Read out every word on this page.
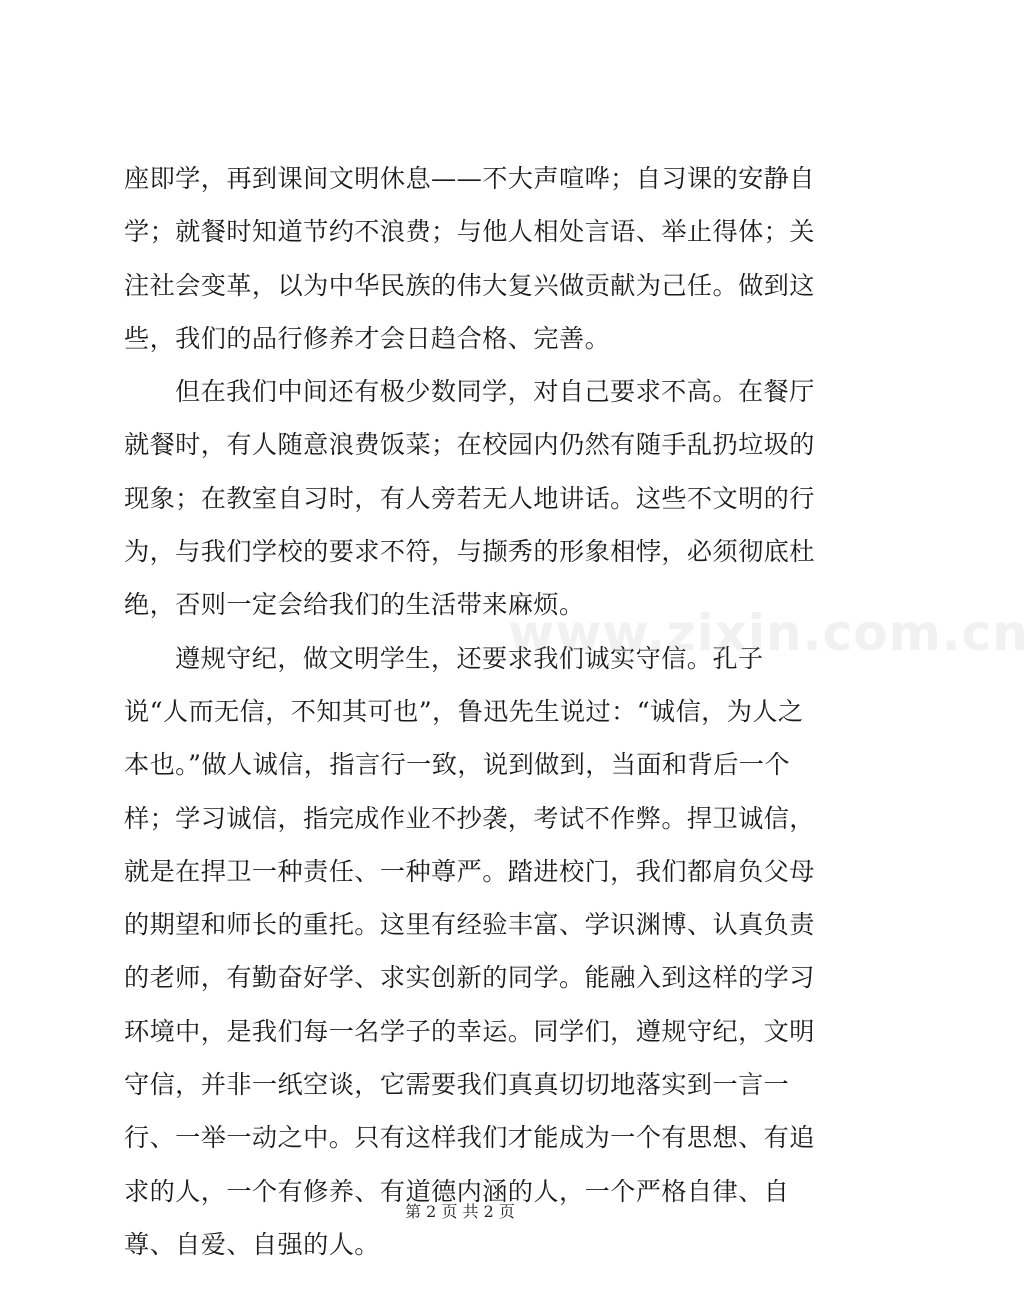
座即学，再到课间文明休息——不大声喧哗；自习课的安静自学；就餐时知道节约不浪费；与他人相处言语、举止得体；关注社会变革，以为中华民族的伟大复兴做贡献为己任。做到这些，我们的品行修养才会日趋合格、完善。

但在我们中间还有极少数同学，对自己要求不高。在餐厅就餐时，有人随意浪费饭菜；在校园内仍然有随手乱扔垃圾的现象；在教室自习时，有人旁若无人地讲话。这些不文明的行为，与我们学校的要求不符，与撷秀的形象相悖，必须彻底杜绝，否则一定会给我们的生活带来麻烦。

遵规守纪，做文明学生，还要求我们诚实守信。孔子说“人而无信，不知其可也”，鲁迅先生说过：“诚信，为人之本也。”做人诚信，指言行一致，说到做到，当面和背后一个样；学习诚信，指完成作业不抄袭，考试不作弊。捍卫诚信，就是在捍卫一种责任、一种尊严。踏进校门，我们都肩负父母的期望和师长的重托。这里有经验丰富、学识渊博、认真负责的老师，有勤奋好学、求实创新的同学。能融入到这样的学习环境中，是我们每一名学子的幸运。同学们，遵规守纪，文明守信，并非一纸空谈，它需要我们真真切切地落实到一言一行、一举一动之中。只有这样我们才能成为一个有思想、有追求的人，一个有修养、有道德内涵的人，一个严格自律、自尊、自爱、自强的人。

www.zixin.com.cn
第 2 页 共 2 页
